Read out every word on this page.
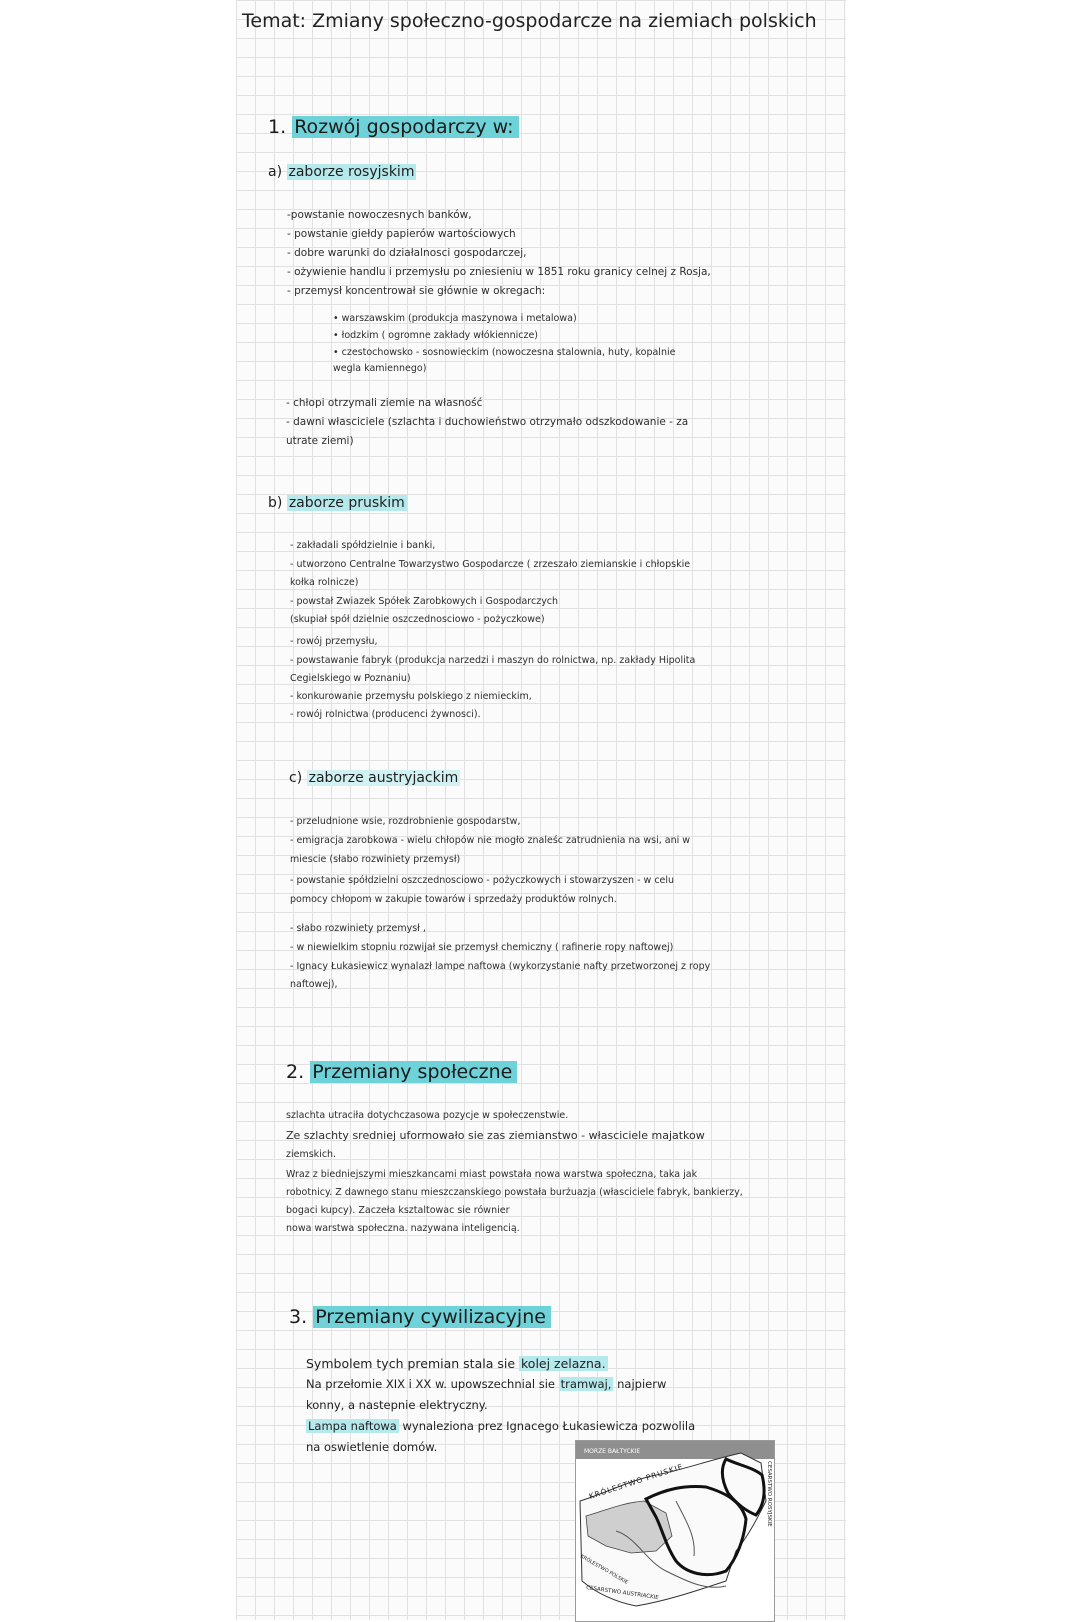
Temat: Zmiany społeczno-gospodarcze na ziemiach polskich
1. Rozwój gospodarczy w:
a) zaborze rosyjskim
-powstanie nowoczesnych banków,
- powstanie giełdy papierów wartościowych
- dobre warunki do działalnosci gospodarczej,
- ożywienie handlu i przemysłu po zniesieniu w 1851 roku granicy celnej z Rosja,
- przemysł koncentrował sie głównie w okregach:
• warszawskim (produkcja maszynowa i metalowa)
• łodzkim ( ogromne zakłady włókiennicze)
• czestochowsko - sosnowieckim (nowoczesna stalownia, huty, kopalnie
wegla kamiennego)
- chłopi otrzymali ziemie na własność
- dawni własciciele (szlachta i duchowieństwo otrzymało odszkodowanie - za
utrate ziemi)
b) zaborze pruskim
- zakładali spółdzielnie i banki,
- utworzono Centralne Towarzystwo Gospodarcze ( zrzeszało ziemianskie i chłopskie
kołka rolnicze)
- powstał Zwiazek Spółek Zarobkowych i Gospodarczych
(skupiał spół dzielnie oszczednosciowo - pożyczkowe)
- rowój przemysłu,
- powstawanie fabryk (produkcja narzedzi i maszyn do rolnictwa, np. zakłady Hipolita
Cegielskiego w Poznaniu)
- konkurowanie przemysłu polskiego z niemieckim,
- rowój rolnictwa (producenci żywnosci).
c) zaborze austryjackim
- przeludnione wsie, rozdrobnienie gospodarstw,
- emigracja zarobkowa - wielu chłopów nie mogło znaleśc zatrudnienia na wsi, ani w
miescie (słabo rozwiniety przemysł)
- powstanie spółdzielni oszczednosciowo - pożyczkowych i stowarzyszen - w celu
pomocy chłopom w zakupie towarów i sprzedaży produktów rolnych.
- słabo rozwiniety przemysł ,
- w niewielkim stopniu rozwijał sie przemysł chemiczny ( rafinerie ropy naftowej)
- Ignacy Łukasiewicz wynalazł lampe naftowa (wykorzystanie nafty przetworzonej z ropy
naftowej),
2. Przemiany społeczne
szlachta utraciła dotychczasowa pozycje w społeczenstwie.
Ze szlachty sredniej uformowało sie zas ziemianstwo - własciciele majatkow
ziemskich.
Wraz z biedniejszymi mieszkancami miast powstała nowa warstwa społeczna, taka jak
robotnicy. Z dawnego stanu mieszczanskiego powstała burżuazja (własciciele fabryk, bankierzy,
bogaci kupcy). Zaczeła ksztaltowac sie równier
nowa warstwa społeczna. nazywana inteligencią.
3. Przemiany cywilizacyjne
Symbolem tych premian stala sie kolej zelazna.
Na przełomie XIX i XX w. upowszechnial sie tramwaj, najpierw
konny, a nastepnie elektryczny.
Lampa naftowa wynaleziona prez Ignacego Łukasiewicza pozwolila
na oswietlenie domów.	MORZE BAŁTYCKIE
KRÓLESTWO PRUSKIE	CESARSTWO ROSYJSKIE
KRÓLESTWO POLSKIE
CESARSTWO AUSTRIACKIE
